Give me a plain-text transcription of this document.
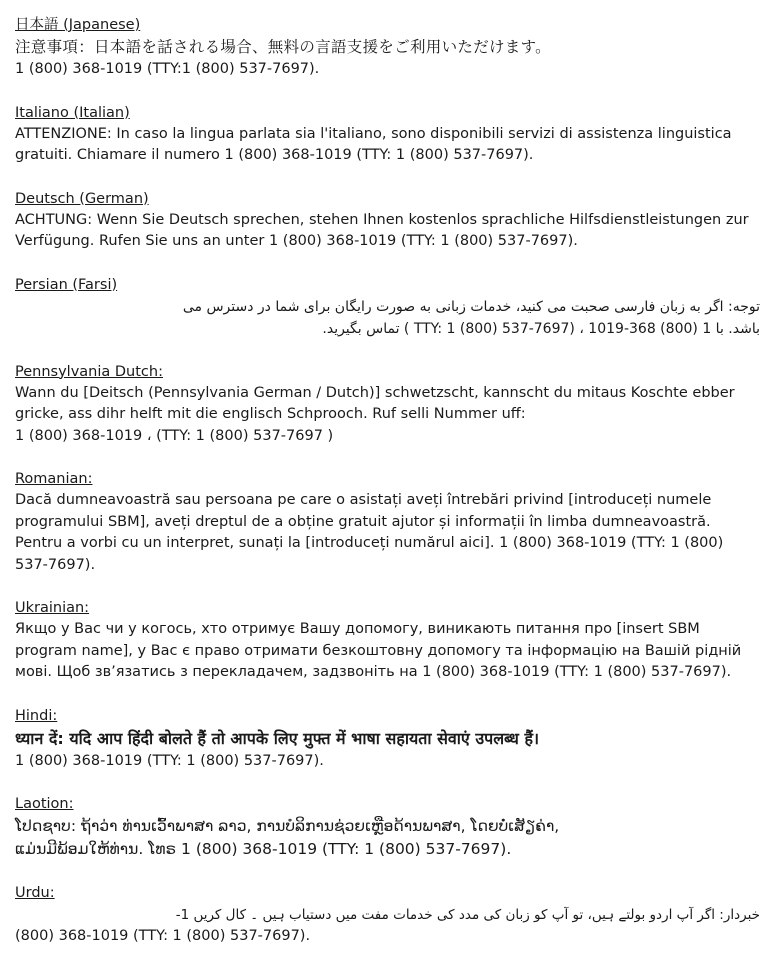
日本語 (Japanese)
注意事項：日本語を話される場合、無料の言語支援をご利用いただけます。
1 (800) 368-1019 (TTY:1 (800) 537-7697).
Italiano (Italian)
ATTENZIONE: In caso la lingua parlata sia l'italiano, sono disponibili servizi di assistenza linguistica gratuiti. Chiamare il numero 1 (800) 368-1019 (TTY: 1 (800) 537-7697).
Deutsch (German)
ACHTUNG: Wenn Sie Deutsch sprechen, stehen Ihnen kostenlos sprachliche Hilfsdienstleistungen zur Verfügung. Rufen Sie uns an unter 1 (800) 368-1019 (TTY: 1 (800) 537-7697).
Persian (Farsi)
توجه: اگر به زبان فارسی صحبت می کنید، خدمات زبانی به صورت رایگان برای شما در دسترس می
باشد. با 1 (800) 368-1019 ، (TTY: 1 (800) 537-7697 ) تماس بگیرید.
Pennsylvania Dutch:
Wann du [Deitsch (Pennsylvania German / Dutch)] schwetzscht, kannscht du mitaus Koschte ebber gricke, ass dihr helft mit die englisch Schprooch. Ruf selli Nummer uff:
1 (800) 368-1019 ، (TTY: 1 (800) 537-7697 )
Romanian:
Dacă dumneavoastră sau persoana pe care o asistați aveți întrebări privind [introduceți numele programului SBM], aveți dreptul de a obține gratuit ajutor și informații în limba dumneavoastră. Pentru a vorbi cu un interpret, sunați la [introduceți numărul aici]. 1 (800) 368-1019 (TTY: 1 (800) 537-7697).
Ukrainian:
Якщо у Вас чи у когось, хто отримує Вашу допомогу, виникають питання про [insert SBM program name], у Вас є право отримати безкоштовну допомогу та інформацію на Вашій рідній мові. Щоб зв’язатись з перекладачем, задзвоніть на 1 (800) 368-1019 (TTY: 1 (800) 537-7697).
Hindi:
ध्यान दें: यदि आप हिंदी बोलते हैं तो आपके लिए मुफ्त में भाषा सहायता सेवाएं उपलब्ध हैं।
1 (800) 368-1019 (TTY: 1 (800) 537-7697).
Laotion:
ໂປດຊາບ: ຖ້າວ່າ ທ່ານເວົ້າພາສາ ລາວ, ການບໍລິການຊ່ວຍເຫຼືອດ້ານພາສາ, ໂດຍບໍ່ເສັຽຄ່າ,
ແມ່ນມີພ້ອມໃຫ້ທ່ານ. ໂທຣ 1 (800) 368-1019 (TTY: 1 (800) 537-7697).
Urdu:
خبردار: اگر آپ اردو بولتے ہیں، تو آپ کو زبان کی مدد کی خدمات مفت میں دستیاب ہیں ۔ کال کریں 1-
(800) 368-1019 (TTY: 1 (800) 537-7697).
